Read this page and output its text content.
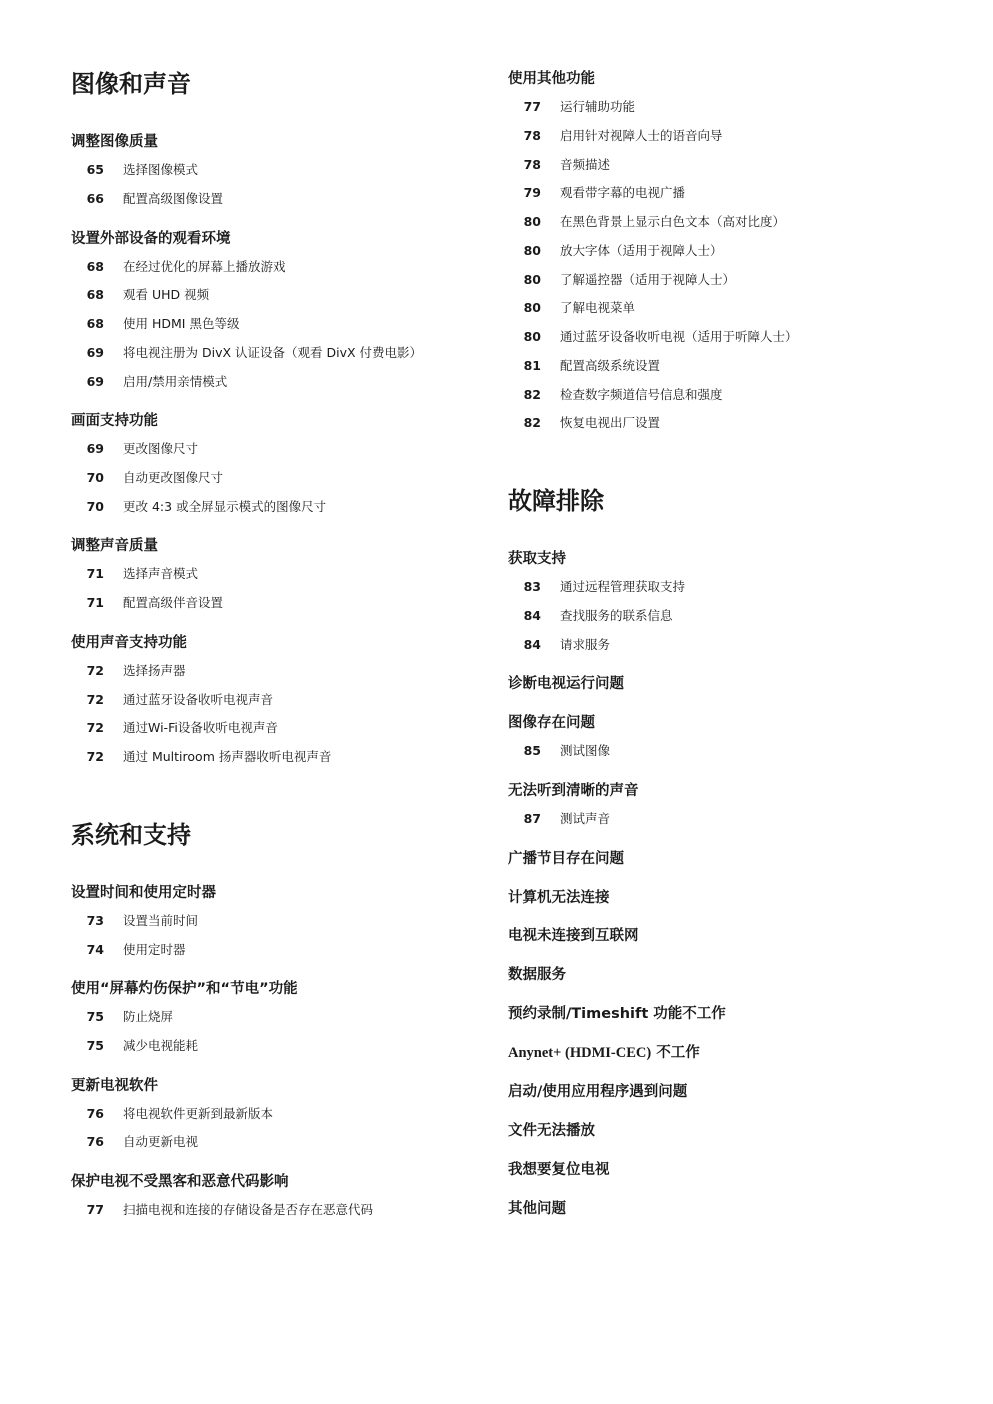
图像和声音
调整图像质量
65 选择图像模式
66 配置高级图像设置
设置外部设备的观看环境
68 在经过优化的屏幕上播放游戏
68 观看 UHD 视频
68 使用 HDMI 黑色等级
69 将电视注册为 DivX 认证设备（观看 DivX 付费电影）
69 启用/禁用亲情模式
画面支持功能
69 更改图像尺寸
70 自动更改图像尺寸
70 更改 4:3 或全屏显示模式的图像尺寸
调整声音质量
71 选择声音模式
71 配置高级伴音设置
使用声音支持功能
72 选择扬声器
72 通过蓝牙设备收听电视声音
72 通过Wi-Fi设备收听电视声音
72 通过 Multiroom 扬声器收听电视声音
系统和支持
设置时间和使用定时器
73 设置当前时间
74 使用定时器
使用“屏幕灼伤保护”和“节电”功能
75 防止烧屏
75 减少电视能耗
更新电视软件
76 将电视软件更新到最新版本
76 自动更新电视
保护电视不受黑客和恶意代码影响
77 扫描电视和连接的存储设备是否存在恶意代码
使用其他功能
77 运行辅助功能
78 启用针对视障人士的语音向导
78 音频描述
79 观看带字幕的电视广播
80 在黑色背景上显示白色文本（高对比度）
80 放大字体（适用于视障人士）
80 了解遥控器（适用于视障人士）
80 了解电视菜单
80 通过蓝牙设备收听电视（适用于听障人士）
81 配置高级系统设置
82 检查数字频道信号信息和强度
82 恢复电视出厂设置
故障排除
获取支持
83 通过远程管理获取支持
84 查找服务的联系信息
84 请求服务
诊断电视运行问题
图像存在问题
85 测试图像
无法听到清晰的声音
87 测试声音
广播节目存在问题
计算机无法连接
电视未连接到互联网
数据服务
预约录制/Timeshift 功能不工作
Anynet+ (HDMI-CEC) 不工作
启动/使用应用程序遇到问题
文件无法播放
我想要复位电视
其他问题
